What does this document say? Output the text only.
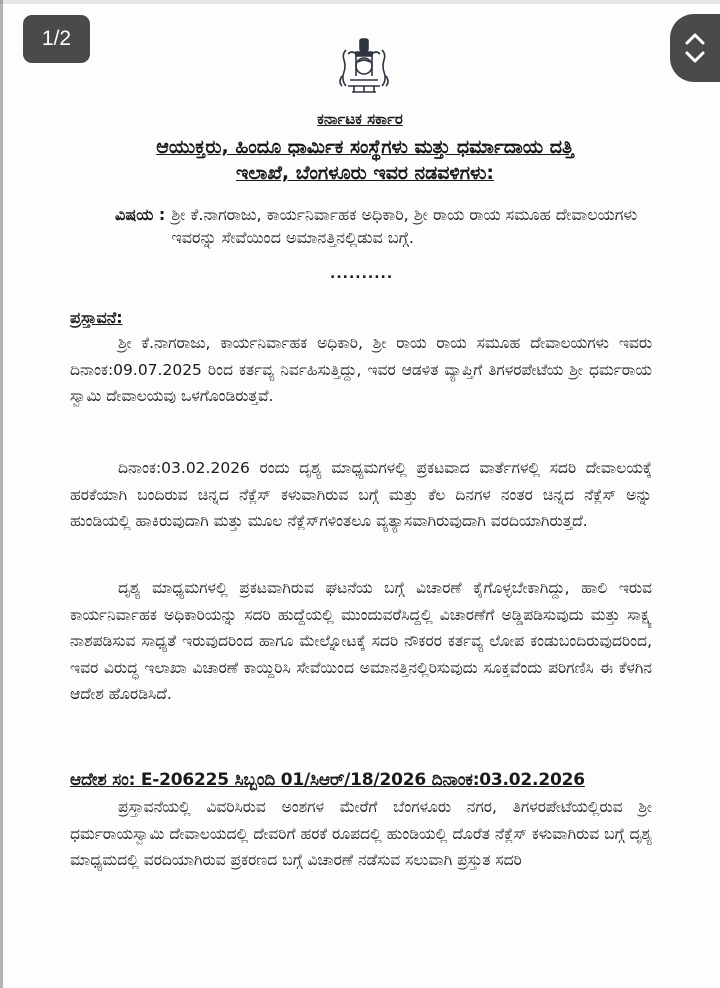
ಕರ್ನಾಟಕ ಸರ್ಕಾರ
ಆಯುಕ್ತರು, ಹಿಂದೂ ಧಾರ್ಮಿಕ ಸಂಸ್ಥೆಗಳು ಮತ್ತು ಧರ್ಮಾದಾಯ ದತ್ತಿ
ಇಲಾಖೆ, ಬೆಂಗಳೂರು ಇವರ ನಡವಳಿಗಳು:
ವಿಷಯ : ಶ್ರೀ ಕೆ.ನಾಗರಾಜು, ಕಾರ್ಯನಿರ್ವಾಹಕ ಅಧಿಕಾರಿ, ಶ್ರೀ ರಾಯ ರಾಯ ಸಮೂಹ ದೇವಾಲಯಗಳು ಇವರನ್ನು ಸೇವೆಯಿಂದ ಅಮಾನತ್ತಿನಲ್ಲಿಡುವ ಬಗ್ಗೆ.
..........
ಪ್ರಸ್ತಾವನೆ:
ಶ್ರೀ ಕೆ.ನಾಗರಾಜು, ಕಾರ್ಯನಿರ್ವಾಹಕ ಅಧಿಕಾರಿ, ಶ್ರೀ ರಾಯ ರಾಯ ಸಮೂಹ ದೇವಾಲಯಗಳು ಇವರು ದಿನಾಂಕ:09.07.2025 ರಿಂದ ಕರ್ತವ್ಯ ನಿರ್ವಹಿಸುತ್ತಿದ್ದು, ಇವರ ಆಡಳಿತ ವ್ಯಾಪ್ತಿಗೆ ತಿಗಳರಪೇಟೆಯ ಶ್ರೀ ಧರ್ಮರಾಯ ಸ್ವಾಮಿ ದೇವಾಲಯವು ಒಳಗೊಂಡಿರುತ್ತವೆ.
ದಿನಾಂಕ:03.02.2026 ರಂದು ದೃಶ್ಯ ಮಾಧ್ಯಮಗಳಲ್ಲಿ ಪ್ರಕಟವಾದ ವಾರ್ತೆಗಳಲ್ಲಿ ಸದರಿ ದೇವಾಲಯಕ್ಕೆ ಹರಕೆಯಾಗಿ ಬಂದಿರುವ ಚಿನ್ನದ ನೆಕ್ಲೆಸ್ ಕಳುವಾಗಿರುವ ಬಗ್ಗೆ ಮತ್ತು ಕೆಲ ದಿನಗಳ ನಂತರ ಚಿನ್ನದ ನೆಕ್ಲೆಸ್ ಅನ್ನು ಹುಂಡಿಯಲ್ಲಿ ಹಾಕಿರುವುದಾಗಿ ಮತ್ತು ಮೂಲ ನೆಕ್ಲೆಸ್‌ಗಳಿಂತಲೂ ವ್ಯತ್ಯಾಸವಾಗಿರುವುದಾಗಿ ವರದಿಯಾಗಿರುತ್ತದೆ.
ದೃಶ್ಯ ಮಾಧ್ಯಮಗಳಲ್ಲಿ ಪ್ರಕಟವಾಗಿರುವ ಘಟನೆಯ ಬಗ್ಗೆ ವಿಚಾರಣೆ ಕೈಗೊಳ್ಳಬೇಕಾಗಿದ್ದು, ಹಾಲಿ ಇರುವ ಕಾರ್ಯನಿರ್ವಾಹಕ ಅಧಿಕಾರಿಯನ್ನು ಸದರಿ ಹುದ್ದೆಯಲ್ಲಿ ಮುಂದುವರೆಸಿದ್ದಲ್ಲಿ ವಿಚಾರಣೆಗೆ ಅಡ್ಡಿಪಡಿಸುವುದು ಮತ್ತು ಸಾಕ್ಷ್ಯ ನಾಶಪಡಿಸುವ ಸಾಧ್ಯತೆ ಇರುವುದರಿಂದ ಹಾಗೂ ಮೇಲ್ನೋಟಕ್ಕೆ ಸದರಿ ನೌಕರರ ಕರ್ತವ್ಯ ಲೋಪ ಕಂಡುಬಂದಿರುವುದರಿಂದ, ಇವರ ವಿರುದ್ಧ ಇಲಾಖಾ ವಿಚಾರಣೆ ಕಾಯ್ದಿರಿಸಿ ಸೇವೆಯಿಂದ ಅಮಾನತ್ತಿನಲ್ಲಿರಿಸುವುದು ಸೂಕ್ತವೆಂದು ಪರಿಗಣಿಸಿ ಈ ಕೆಳಗಿನ ಆದೇಶ ಹೊರಡಿಸಿದೆ.
ಆದೇಶ ಸಂ: E-206225 ಸಿಬ್ಬಂದಿ 01/ಸಿಆರ್/18/2026 ದಿನಾಂಕ:03.02.2026
ಪ್ರಸ್ತಾವನೆಯಲ್ಲಿ ವಿವರಿಸಿರುವ ಅಂಶಗಳ ಮೇರೆಗೆ ಬೆಂಗಳೂರು ನಗರ, ತಿಗಳರಪೇಟೆಯಲ್ಲಿರುವ ಶ್ರೀ ಧರ್ಮರಾಯಸ್ವಾಮಿ ದೇವಾಲಯದಲ್ಲಿ ದೇವರಿಗೆ ಹರಕೆ ರೂಪದಲ್ಲಿ ಹುಂಡಿಯಲ್ಲಿ ದೊರೆತ ನೆಕ್ಲೆಸ್ ಕಳುವಾಗಿರುವ ಬಗ್ಗೆ ದೃಶ್ಯ ಮಾಧ್ಯಮದಲ್ಲಿ ವರದಿಯಾಗಿರುವ ಪ್ರಕರಣದ ಬಗ್ಗೆ ವಿಚಾರಣೆ ನಡೆಸುವ ಸಲುವಾಗಿ ಪ್ರಸ್ತುತ ಸದರಿ
1/2
